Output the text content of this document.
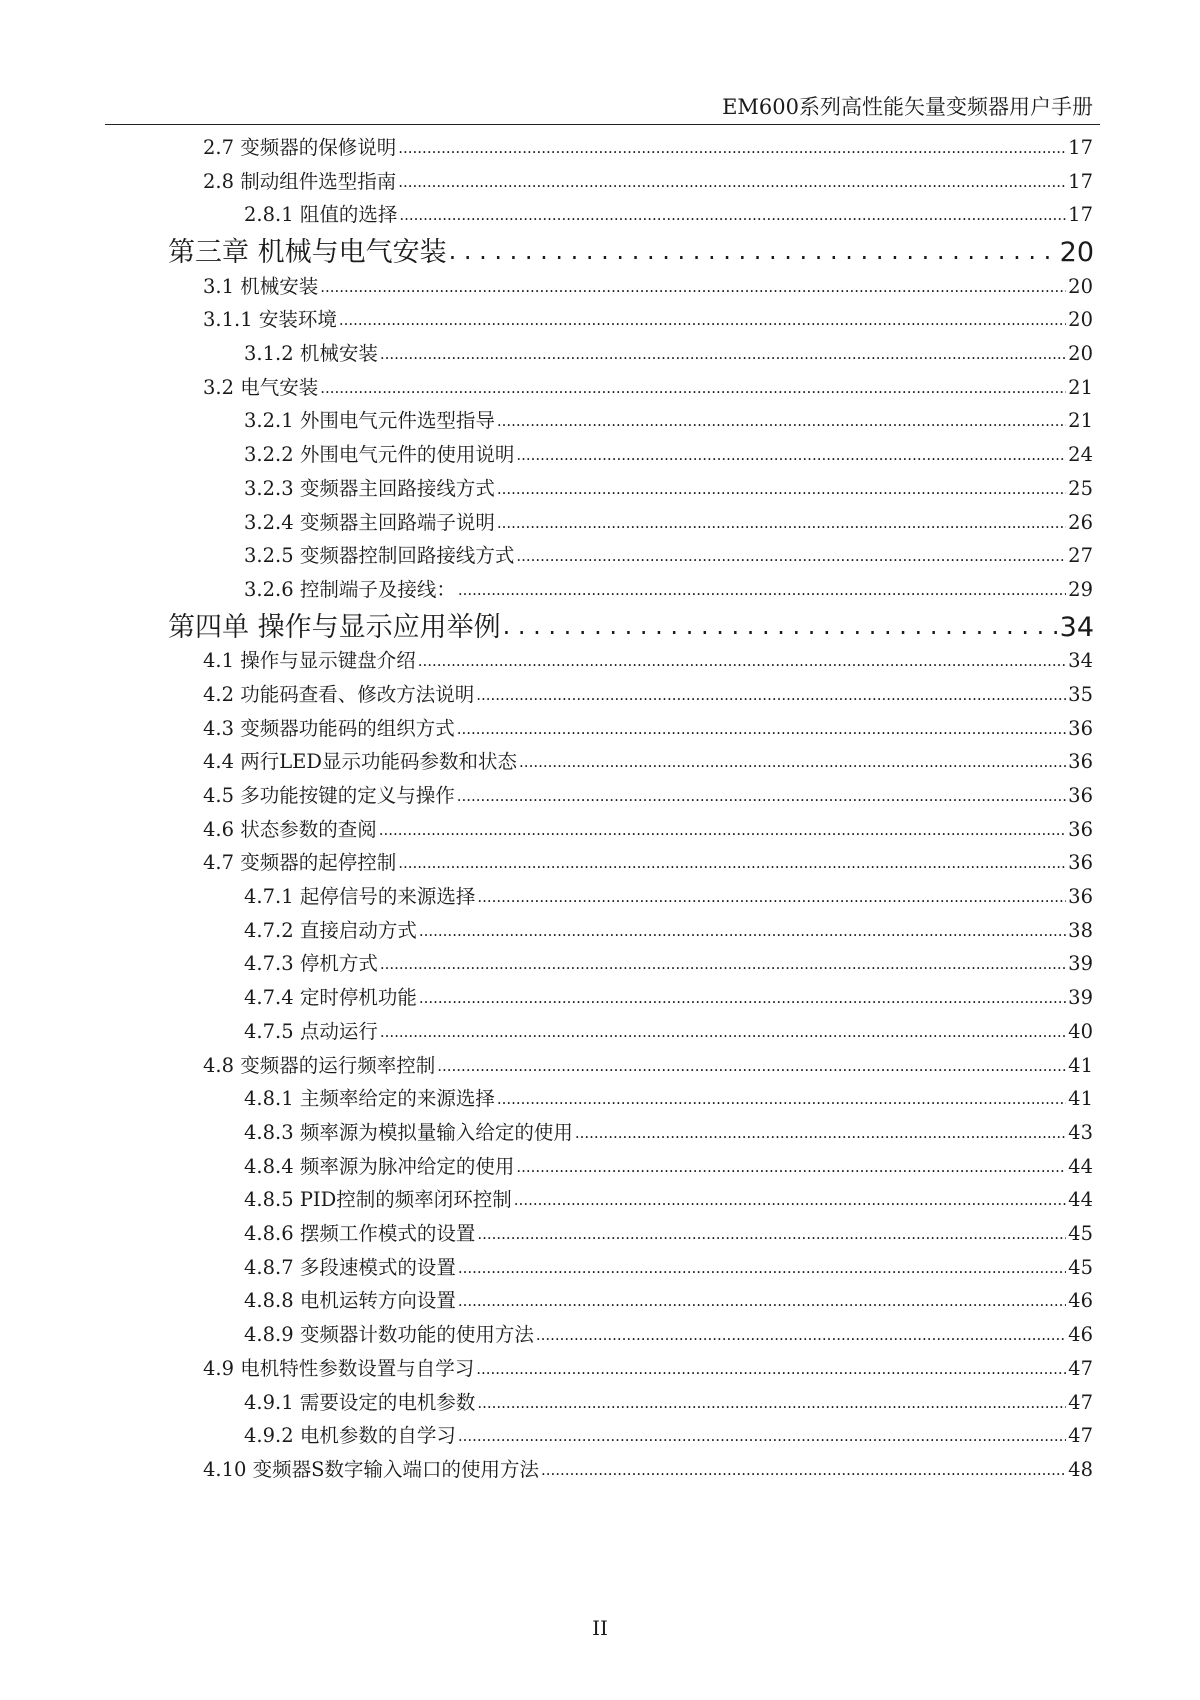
EM600系列高性能矢量变频器用户手册
2.7 变频器的保修说明 .....	17
2.8 制动组件选型指南 .....	17
2.8.1 阻值的选择 .....	17
第三章 机械与电气安装 . . .	20
3.1 机械安装 .....	20
3.1.1 安装环境 .....	20
3.1.2 机械安装 .....	20
3.2 电气安装 .....	21
3.2.1 外围电气元件选型指导 .....	21
3.2.2 外围电气元件的使用说明 .....	24
3.2.3 变频器主回路接线方式 .....	25
3.2.4 变频器主回路端子说明 .....	26
3.2.5 变频器控制回路接线方式 .....	27
3.2.6 控制端子及接线： .....	29
第四单 操作与显示应用举例 . . .	34
4.1 操作与显示键盘介绍 .....	34
4.2 功能码查看、修改方法说明 .....	35
4.3 变频器功能码的组织方式 .....	36
4.4 两行LED显示功能码参数和状态 .....	36
4.5 多功能按键的定义与操作 .....	36
4.6 状态参数的查阅 .....	36
4.7 变频器的起停控制 .....	36
4.7.1 起停信号的来源选择 .....	36
4.7.2 直接启动方式 .....	38
4.7.3 停机方式 .....	39
4.7.4 定时停机功能 .....	39
4.7.5 点动运行 .....	40
4.8 变频器的运行频率控制 .....	41
4.8.1 主频率给定的来源选择 .....	41
4.8.3 频率源为模拟量输入给定的使用 .....	43
4.8.4 频率源为脉冲给定的使用 .....	44
4.8.5 PID控制的频率闭环控制 .....	44
4.8.6 摆频工作模式的设置 .....	45
4.8.7 多段速模式的设置 .....	45
4.8.8 电机运转方向设置 .....	46
4.8.9 变频器计数功能的使用方法 .....	46
4.9 电机特性参数设置与自学习 .....	47
4.9.1 需要设定的电机参数 .....	47
4.9.2 电机参数的自学习 .....	47
4.10 变频器S数字输入端口的使用方法 .....	48
II
